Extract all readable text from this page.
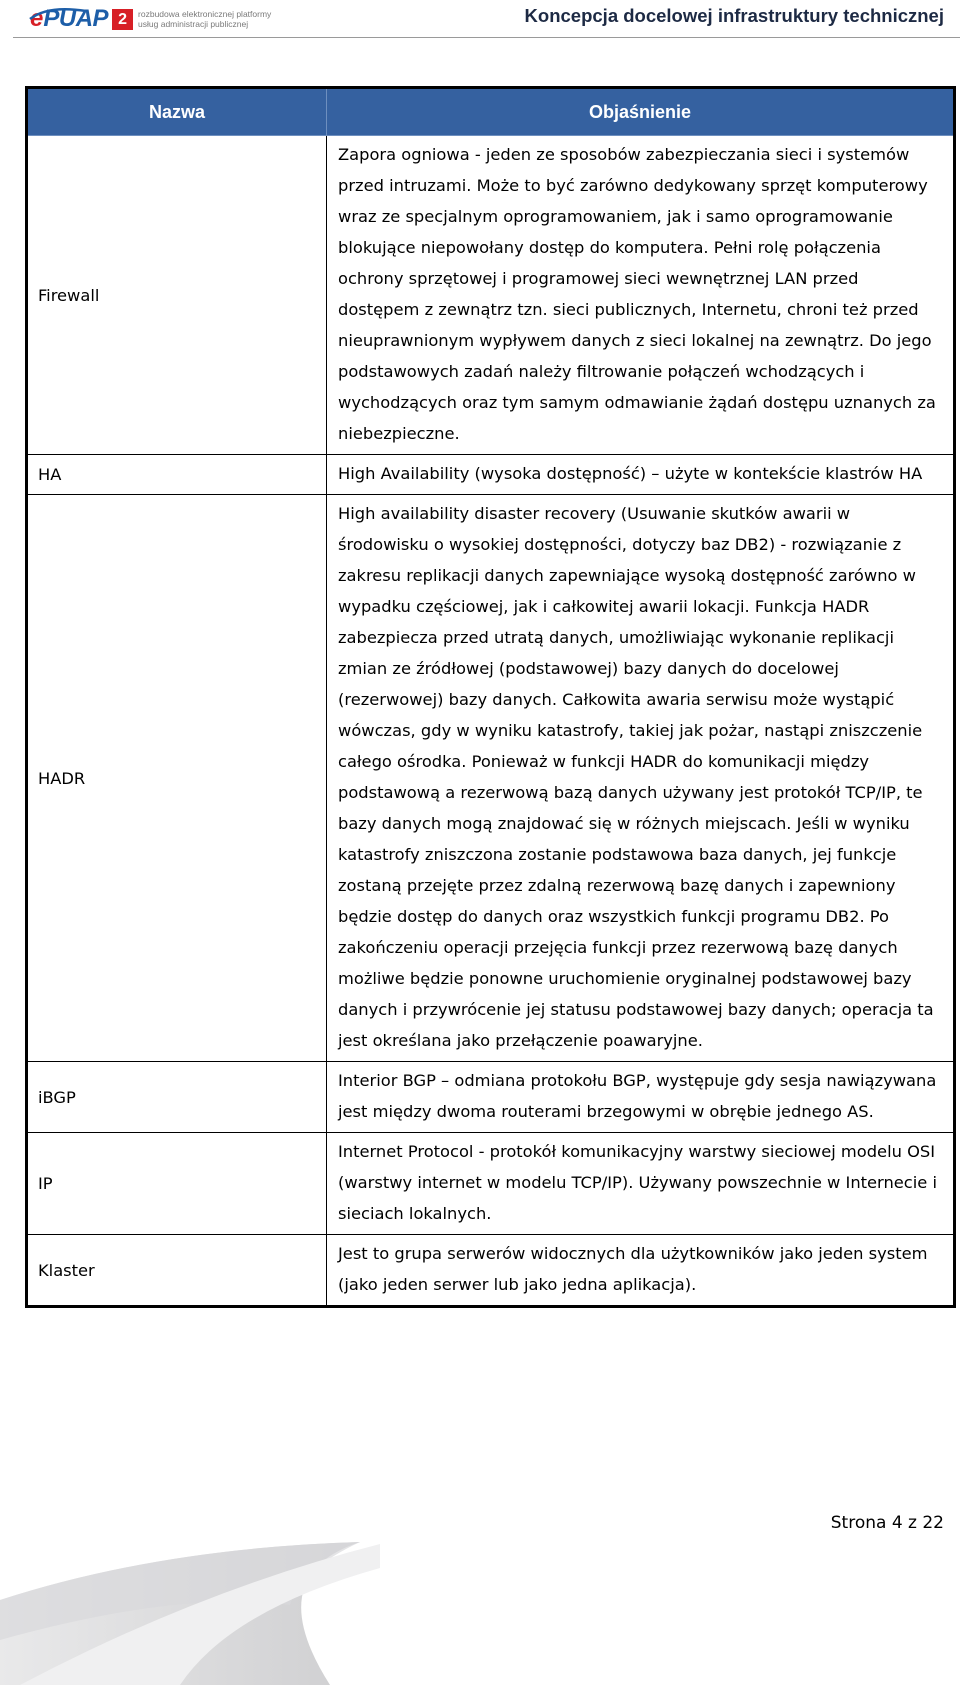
e PUAP 2	rozbudowa elektronicznej platformy
usług administracji publicznej	Koncepcja docelowej infrastruktury technicznej
Nazwa	Objaśnienie
Firewall	Zapora ogniowa - jeden ze sposobów zabezpieczania sieci i systemów przed intruzami. Może to być zarówno dedykowany sprzęt komputerowy wraz ze specjalnym oprogramowaniem, jak i samo oprogramowanie blokujące niepowołany dostęp do komputera. Pełni rolę połączenia ochrony sprzętowej i programowej sieci wewnętrznej LAN przed dostępem z zewnątrz tzn. sieci publicznych, Internetu, chroni też przed nieuprawnionym wypływem danych z sieci lokalnej na zewnątrz. Do jego podstawowych zadań należy filtrowanie połączeń wchodzących i wychodzących oraz tym samym odmawianie żądań dostępu uznanych za niebezpieczne.
HA	High Availability (wysoka dostępność) – użyte w kontekście klastrów HA
HADR	High availability disaster recovery (Usuwanie skutków awarii w środowisku o wysokiej dostępności, dotyczy baz DB2) - rozwiązanie z zakresu replikacji danych zapewniające wysoką dostępność zarówno w wypadku częściowej, jak i całkowitej awarii lokacji. Funkcja HADR zabezpiecza przed utratą danych, umożliwiając wykonanie replikacji zmian ze źródłowej (podstawowej) bazy danych do docelowej (rezerwowej) bazy danych. Całkowita awaria serwisu może wystąpić wówczas, gdy w wyniku katastrofy, takiej jak pożar, nastąpi zniszczenie całego ośrodka. Ponieważ w funkcji HADR do komunikacji między podstawową a rezerwową bazą danych używany jest protokół TCP/IP, te bazy danych mogą znajdować się w różnych miejscach. Jeśli w wyniku katastrofy zniszczona zostanie podstawowa baza danych, jej funkcje zostaną przejęte przez zdalną rezerwową bazę danych i zapewniony będzie dostęp do danych oraz wszystkich funkcji programu DB2. Po zakończeniu operacji przejęcia funkcji przez rezerwową bazę danych możliwe będzie ponowne uruchomienie oryginalnej podstawowej bazy danych i przywrócenie jej statusu podstawowej bazy danych; operacja ta jest określana jako przełączenie poawaryjne.
iBGP	Interior BGP – odmiana protokołu BGP, występuje gdy sesja nawiązywana jest między dwoma routerami brzegowymi w obrębie jednego AS.
IP	Internet Protocol - protokół komunikacyjny warstwy sieciowej modelu OSI (warstwy internet w modelu TCP/IP). Używany powszechnie w Internecie i sieciach lokalnych.
Klaster	Jest to grupa serwerów widocznych dla użytkowników jako jeden system (jako jeden serwer lub jako jedna aplikacja).
Strona 4 z 22
